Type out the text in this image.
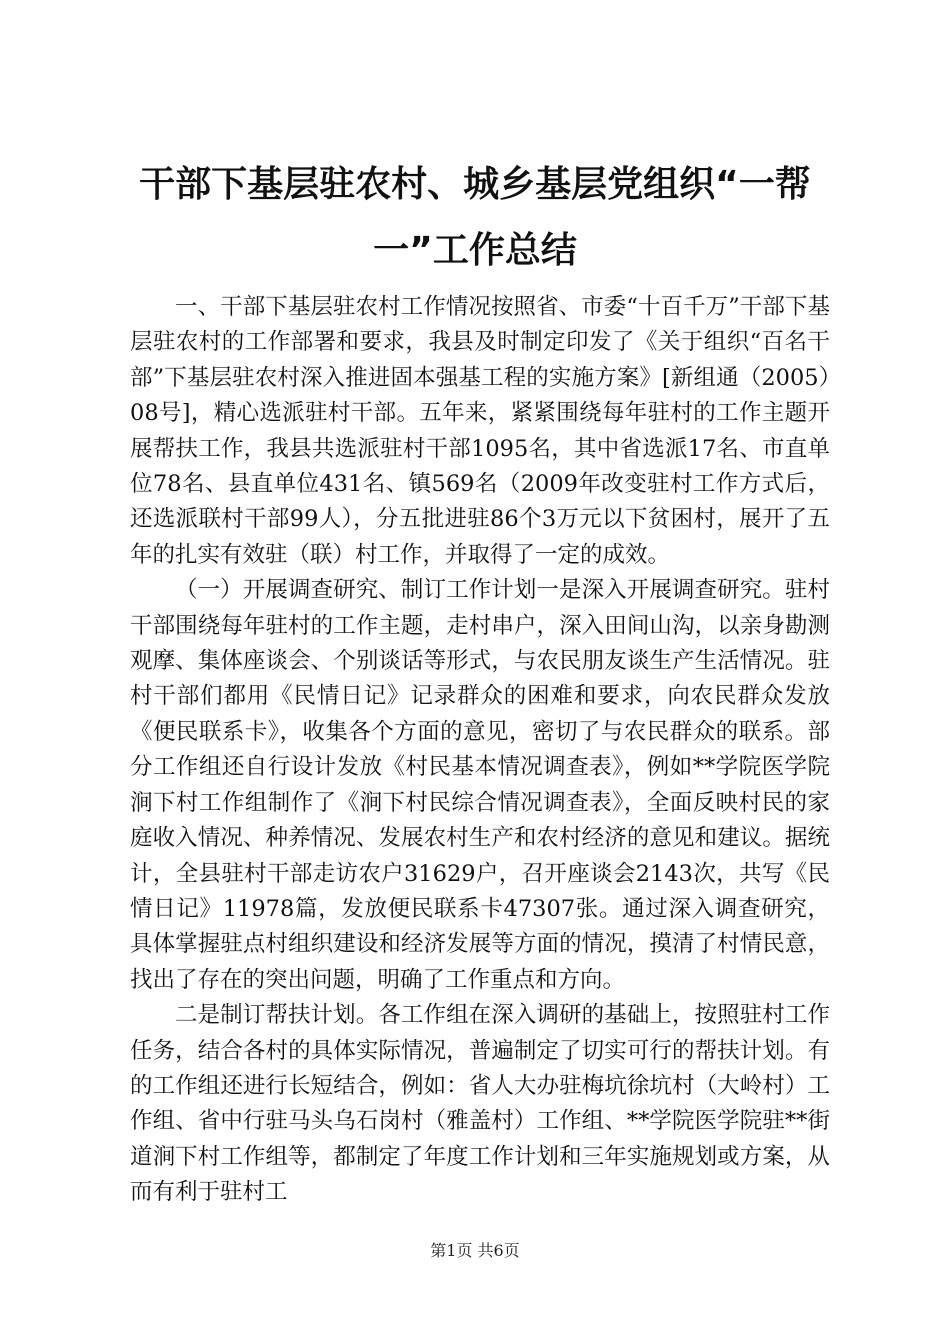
干部下基层驻农村、城乡基层党组织“一帮一”工作总结

一、干部下基层驻农村工作情况按照省、市委“十百千万”干部下基层驻农村的工作部署和要求，我县及时制定印发了《关于组织“百名干部”下基层驻农村深入推进固本强基工程的实施方案》[新组通（2005）08号]，精心选派驻村干部。五年来，紧紧围绕每年驻村的工作主题开展帮扶工作，我县共选派驻村干部1095名，其中省选派17名、市直单位78名、县直单位431名、镇569名（2009年改变驻村工作方式后，还选派联村干部99人），分五批进驻86个3万元以下贫困村，展开了五年的扎实有效驻（联）村工作，并取得了一定的成效。

（一）开展调查研究、制订工作计划一是深入开展调查研究。驻村干部围绕每年驻村的工作主题，走村串户，深入田间山沟，以亲身勘测观摩、集体座谈会、个别谈话等形式，与农民朋友谈生产生活情况。驻村干部们都用《民情日记》记录群众的困难和要求，向农民群众发放《便民联系卡》，收集各个方面的意见，密切了与农民群众的联系。部分工作组还自行设计发放《村民基本情况调查表》，例如**学院医学院涧下村工作组制作了《涧下村民综合情况调查表》，全面反映村民的家庭收入情况、种养情况、发展农村生产和农村经济的意见和建议。据统计，全县驻村干部走访农户31629户，召开座谈会2143次，共写《民情日记》11978篇，发放便民联系卡47307张。通过深入调查研究，具体掌握驻点村组织建设和经济发展等方面的情况，摸清了村情民意，找出了存在的突出问题，明确了工作重点和方向。

二是制订帮扶计划。各工作组在深入调研的基础上，按照驻村工作任务，结合各村的具体实际情况，普遍制定了切实可行的帮扶计划。有的工作组还进行长短结合，例如：省人大办驻梅坑徐坑村（大岭村）工作组、省中行驻马头乌石岗村（雅盖村）工作组、**学院医学院驻**街道涧下村工作组等，都制定了年度工作计划和三年实施规划或方案，从而有利于驻村工

第1页 共6页
